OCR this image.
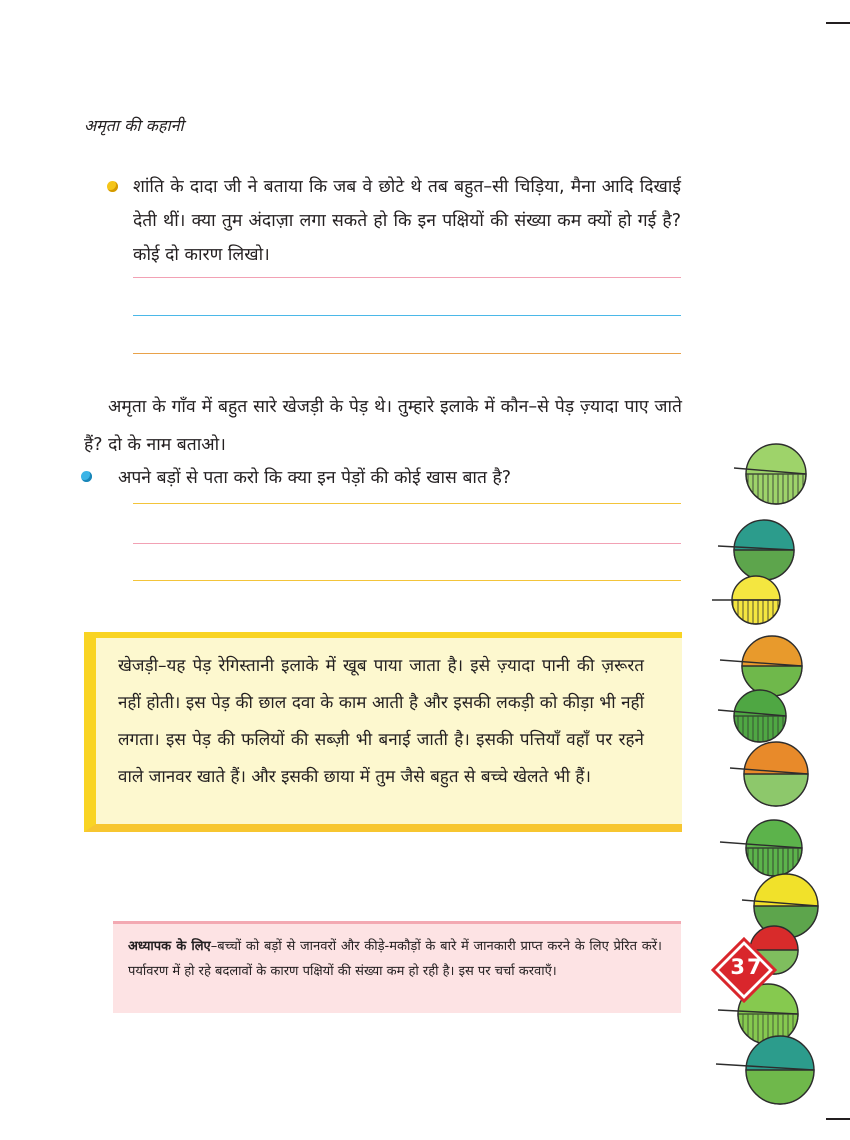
अमृता की कहानी
शांति के दादा जी ने बताया कि जब वे छोटे थे तब बहुत–सी चिड़िया, मैना आदि दिखाई देती थीं। क्या तुम अंदाज़ा लगा सकते हो कि इन पक्षियों की संख्या कम क्यों हो गई है? कोई दो कारण लिखो।
अमृता के गाँव में बहुत सारे खेजड़ी के पेड़ थे। तुम्हारे इलाके में कौन–से पेड़ ज़्यादा पाए जाते हैं? दो के नाम बताओ।
अपने बड़ों से पता करो कि क्या इन पेड़ों की कोई खास बात है?
खेजड़ी–यह पेड़ रेगिस्तानी इलाके में खूब पाया जाता है। इसे ज़्यादा पानी की ज़रूरत नहीं होती। इस पेड़ की छाल दवा के काम आती है और इसकी लकड़ी को कीड़ा भी नहीं लगता। इस पेड़ की फलियों की सब्ज़ी भी बनाई जाती है। इसकी पत्तियाँ वहाँ पर रहने वाले जानवर खाते हैं। और इसकी छाया में तुम जैसे बहुत से बच्चे खेलते भी हैं।
अध्यापक के लिए–बच्चों को बड़ों से जानवरों और कीड़े-मकौड़ों के बारे में जानकारी प्राप्त करने के लिए प्रेरित करें। पर्यावरण में हो रहे बदलावों के कारण पक्षियों की संख्या कम हो रही है। इस पर चर्चा करवाएँ।	37
